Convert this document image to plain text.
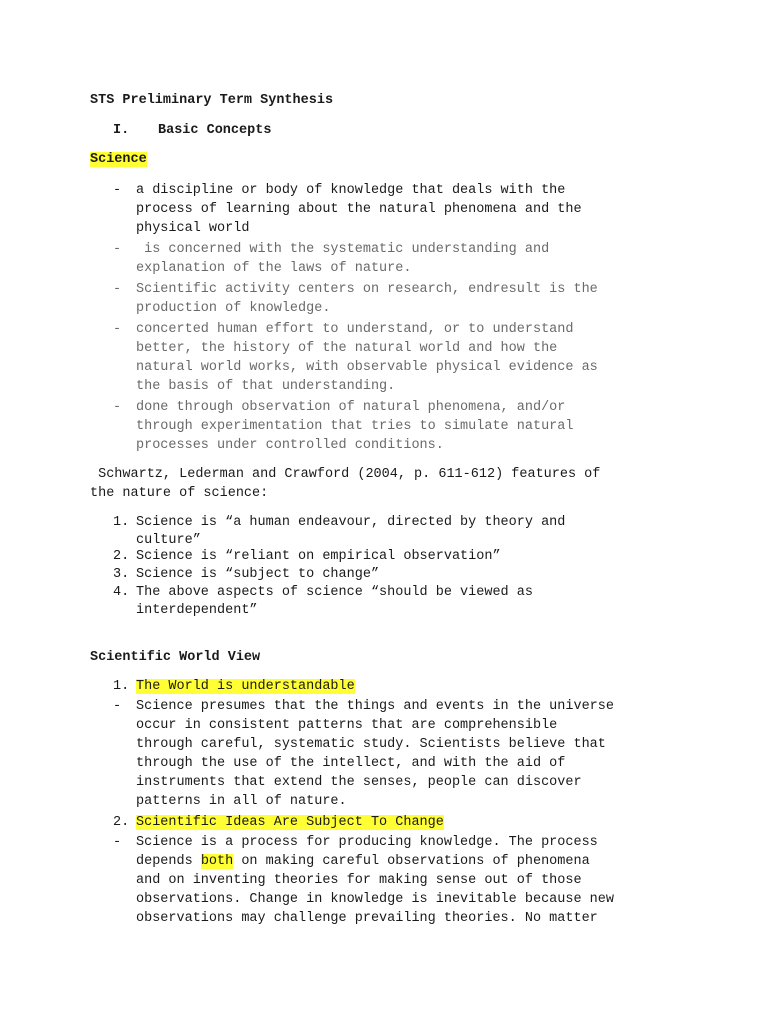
STS Preliminary Term Synthesis
I. Basic Concepts
Science
- a discipline or body of knowledge that deals with the
process of learning about the natural phenomena and the
physical world
- is concerned with the systematic understanding and
explanation of the laws of nature.
- Scientific activity centers on research, endresult is the
production of knowledge.
- concerted human effort to understand, or to understand
better, the history of the natural world and how the
natural world works, with observable physical evidence as
the basis of that understanding.
- done through observation of natural phenomena, and/or
through experimentation that tries to simulate natural
processes under controlled conditions.
Schwartz, Lederman and Crawford (2004, p. 611-612) features of
the nature of science:
1. Science is “a human endeavour, directed by theory and
culture”
2. Science is “reliant on empirical observation”
3. Science is “subject to change”
4. The above aspects of science “should be viewed as
interdependent”
Scientific World View
1. The World is understandable
- Science presumes that the things and events in the universe
occur in consistent patterns that are comprehensible
through careful, systematic study. Scientists believe that
through the use of the intellect, and with the aid of
instruments that extend the senses, people can discover
patterns in all of nature.
2. Scientific Ideas Are Subject To Change
- Science is a process for producing knowledge. The process
depends both on making careful observations of phenomena
and on inventing theories for making sense out of those
observations. Change in knowledge is inevitable because new
observations may challenge prevailing theories. No matter
